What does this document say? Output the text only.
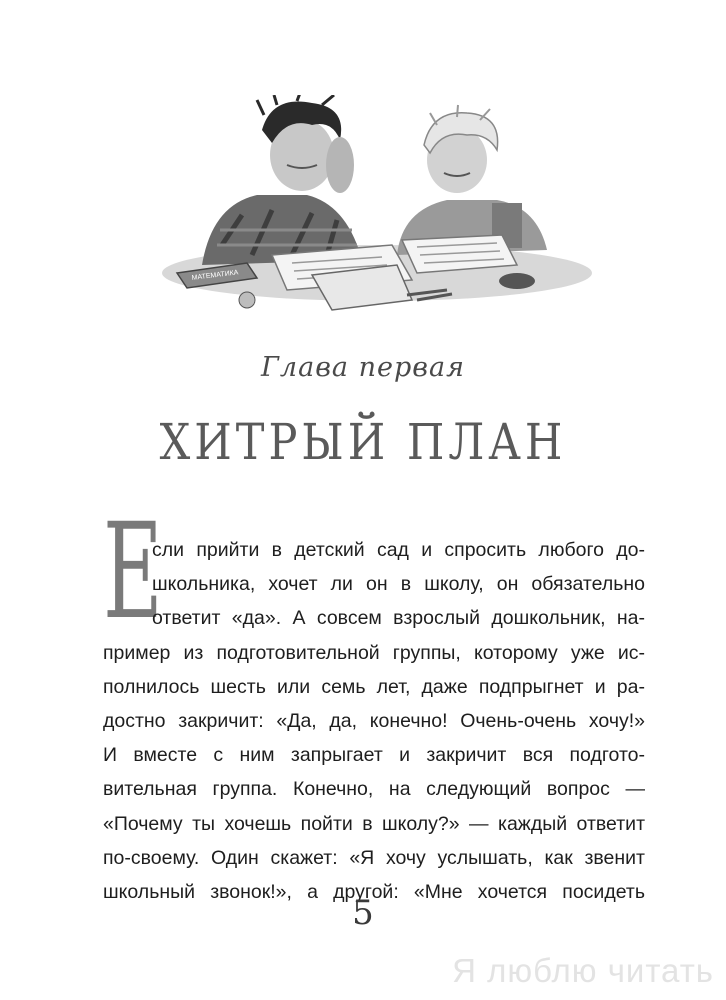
МАТЕМАТИКА
Глава первая
ХИТРЫЙ ПЛАН
Е
сли прийти в детский сад и спросить любого до-
школьника, хочет ли он в школу, он обязательно
ответит «да». А совсем взрослый дошкольник, на-
пример из подготовительной группы, которому уже ис-
полнилось шесть или семь лет, даже подпрыгнет и ра-
достно закричит: «Да, да, конечно! Очень-очень хочу!»
И вместе с ним запрыгает и закричит вся подгото-
вительная группа. Конечно, на следующий вопрос —
«Почему ты хочешь пойти в школу?» — каждый ответит
по-своему. Один скажет: «Я хочу услышать, как звенит
школьный звонок!», а другой: «Мне хочется посидеть
5
Я люблю читать
